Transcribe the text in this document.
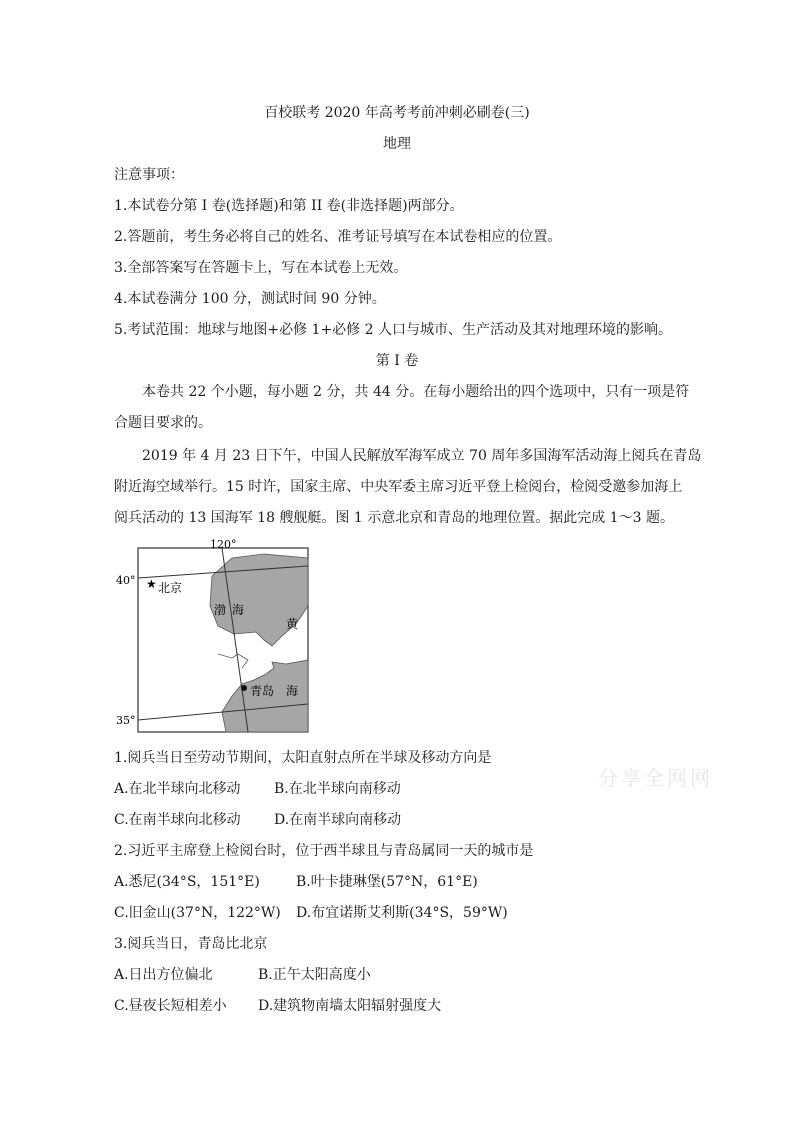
百校联考 2020 年高考考前冲刺必刷卷(三)
地理
注意事项：
1.本试卷分第 I 卷(选择题)和第 II 卷(非选择题)两部分。
2.答题前，考生务必将自己的姓名、准考证号填写在本试卷相应的位置。
3.全部答案写在答题卡上，写在本试卷上无效。
4.本试卷满分 100 分，测试时间 90 分钟。
5.考试范围：地球与地图+必修 1+必修 2 人口与城市、生产活动及其对地理环境的影响。
第 I 卷
本卷共 22 个小题，每小题 2 分，共 44 分。在每小题给出的四个选项中，只有一项是符
合题目要求的。
2019 年 4 月 23 日下午，中国人民解放军海军成立 70 周年多国海军活动海上阅兵在青岛
附近海空域举行。15 时许，国家主席、中央军委主席习近平登上检阅台，检阅受邀参加海上
阅兵活动的 13 国海军 18 艘舰艇。图 1 示意北京和青岛的地理位置。据此完成 1～3 题。
120°
40°
35°
★ 北京
青岛
渤 海
黄
海
1.阅兵当日至劳动节期间，太阳直射点所在半球及移动方向是
A.在北半球向北移动 B.在北半球向南移动
C.在南半球向北移动 D.在南半球向南移动
2.习近平主席登上检阅台时，位于西半球且与青岛属同一天的城市是
A.悉尼(34°S，151°E)	B.叶卡捷琳堡(57°N，61°E)
C.旧金山(37°N，122°W) D.布宜诺斯艾利斯(34°S，59°W)
3.阅兵当日，青岛比北京
A.日出方位偏北	B.正午太阳高度小
C.昼夜长短相差小 D.建筑物南墙太阳辐射强度大
分享全网网
